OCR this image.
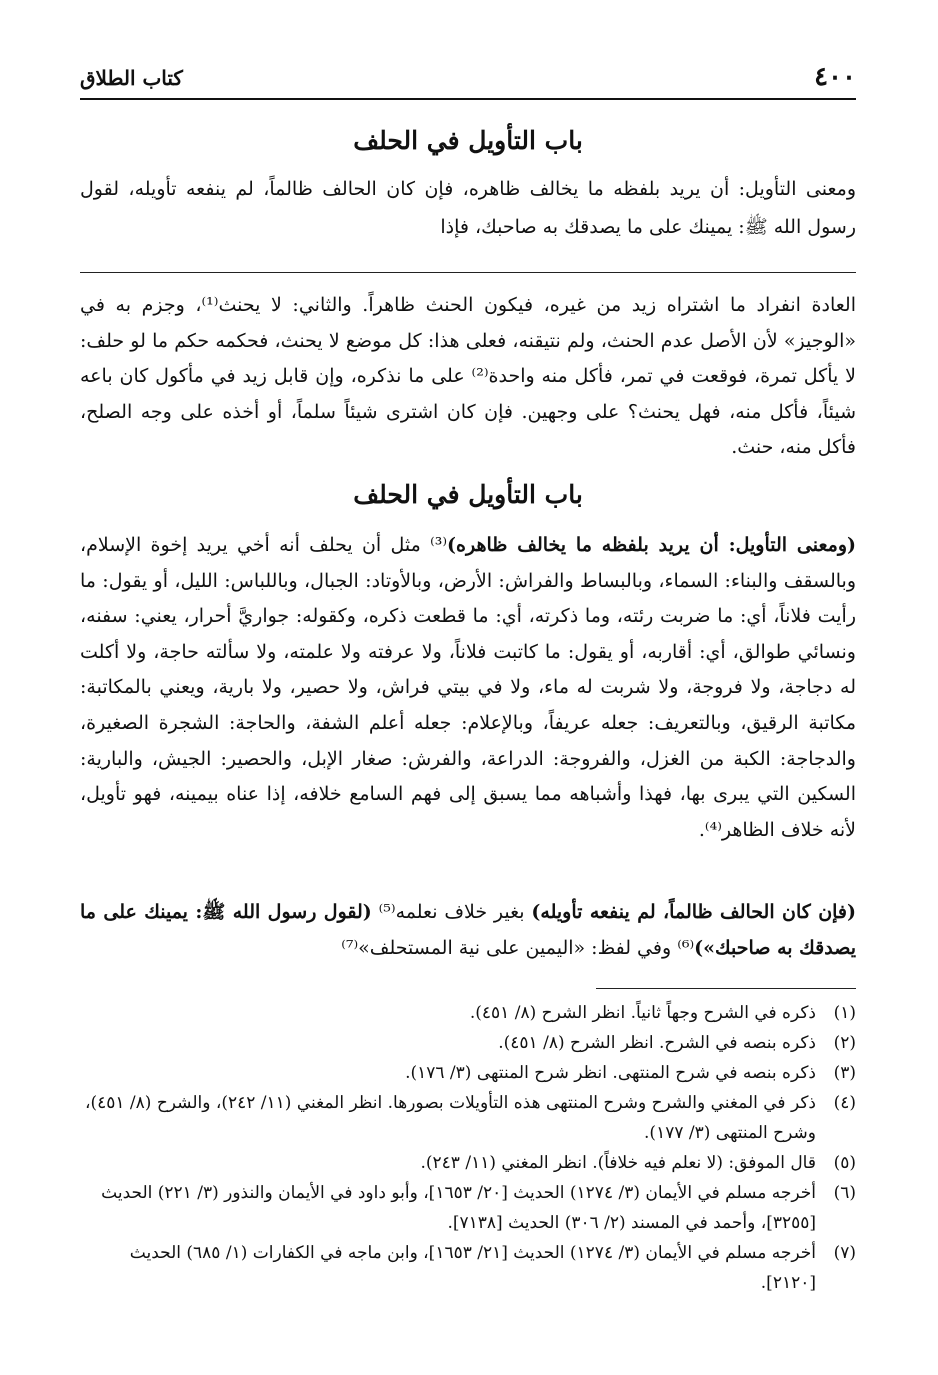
٤٠٠
كتاب الطلاق
باب التأويل في الحلف

ومعنى التأويل: أن يريد بلفظه ما يخالف ظاهره، فإن كان الحالف ظالماً، لم ينفعه تأويله، لقول رسول الله ﷺ: يمينك على ما يصدقك به صاحبك، فإذا

العادة انفراد ما اشتراه زيد من غيره، فيكون الحنث ظاهراً. والثاني: لا يحنث⁽¹⁾، وجزم به في «الوجيز» لأن الأصل عدم الحنث، ولم نتيقنه، فعلى هذا: كل موضع لا يحنث، فحكمه حكم ما لو حلف: لا يأكل تمرة، فوقعت في تمر، فأكل منه واحدة⁽²⁾ على ما نذكره، وإن قابل زيد في مأكول كان باعه شيئاً، فأكل منه، فهل يحنث؟ على وجهين. فإن كان اشترى شيئاً سلماً، أو أخذه على وجه الصلح، فأكل منه، حنث.

باب التأويل في الحلف

(ومعنى التأويل: أن يريد بلفظه ما يخالف ظاهره)⁽³⁾ مثل أن يحلف أنه أخي يريد إخوة الإسلام، وبالسقف والبناء: السماء، وبالبساط والفراش: الأرض، وبالأوتاد: الجبال، وباللباس: الليل، أو يقول: ما رأيت فلاناً، أي: ما ضربت رئته، وما ذكرته، أي: ما قطعت ذكره، وكقوله: جواريَّ أحرار، يعني: سفنه، ونسائي طوالق، أي: أقاربه، أو يقول: ما كاتبت فلاناً، ولا عرفته ولا علمته، ولا سألته حاجة، ولا أكلت له دجاجة، ولا فروجة، ولا شربت له ماء، ولا في بيتي فراش، ولا حصير، ولا بارية، ويعني بالمكاتبة: مكاتبة الرقيق، وبالتعريف: جعله عريفاً، وبالإعلام: جعله أعلم الشفة، والحاجة: الشجرة الصغيرة، والدجاجة: الكبة من الغزل، والفروجة: الدراعة، والفرش: صغار الإبل، والحصير: الجيش، والبارية: السكين التي يبرى بها، فهذا وأشباهه مما يسبق إلى فهم السامع خلافه، إذا عناه بيمينه، فهو تأويل، لأنه خلاف الظاهر⁽⁴⁾.

(فإن كان الحالف ظالماً، لم ينفعه تأويله) بغير خلاف نعلمه⁽⁵⁾ (لقول رسول الله ﷺ: يمينك على ما يصدقك به صاحبك»)⁽⁶⁾ وفي لفظ: «اليمين على نية المستحلف»⁽⁷⁾

(١)
ذكره في الشرح وجهاً ثانياً. انظر الشرح (٨/ ٤٥١).
(٢)
ذكره بنصه في الشرح. انظر الشرح (٨/ ٤٥١).
(٣)
ذكره بنصه في شرح المنتهى. انظر شرح المنتهى (٣/ ١٧٦).
(٤)
ذكر في المغني والشرح وشرح المنتهى هذه التأويلات بصورها. انظر المغني (١١/ ٢٤٢)، والشرح (٨/ ٤٥١)، وشرح المنتهى (٣/ ١٧٧).
(٥)
قال الموفق: (لا نعلم فيه خلافاً). انظر المغني (١١/ ٢٤٣).
(٦)
أخرجه مسلم في الأيمان (٣/ ١٢٧٤) الحديث [٢٠/ ١٦٥٣]، وأبو داود في الأيمان والنذور (٣/ ٢٢١) الحديث [٣٢٥٥]، وأحمد في المسند (٢/ ٣٠٦) الحديث [٧١٣٨].
(٧)
أخرجه مسلم في الأيمان (٣/ ١٢٧٤) الحديث [٢١/ ١٦٥٣]، وابن ماجه في الكفارات (١/ ٦٨٥) الحديث [٢١٢٠].
